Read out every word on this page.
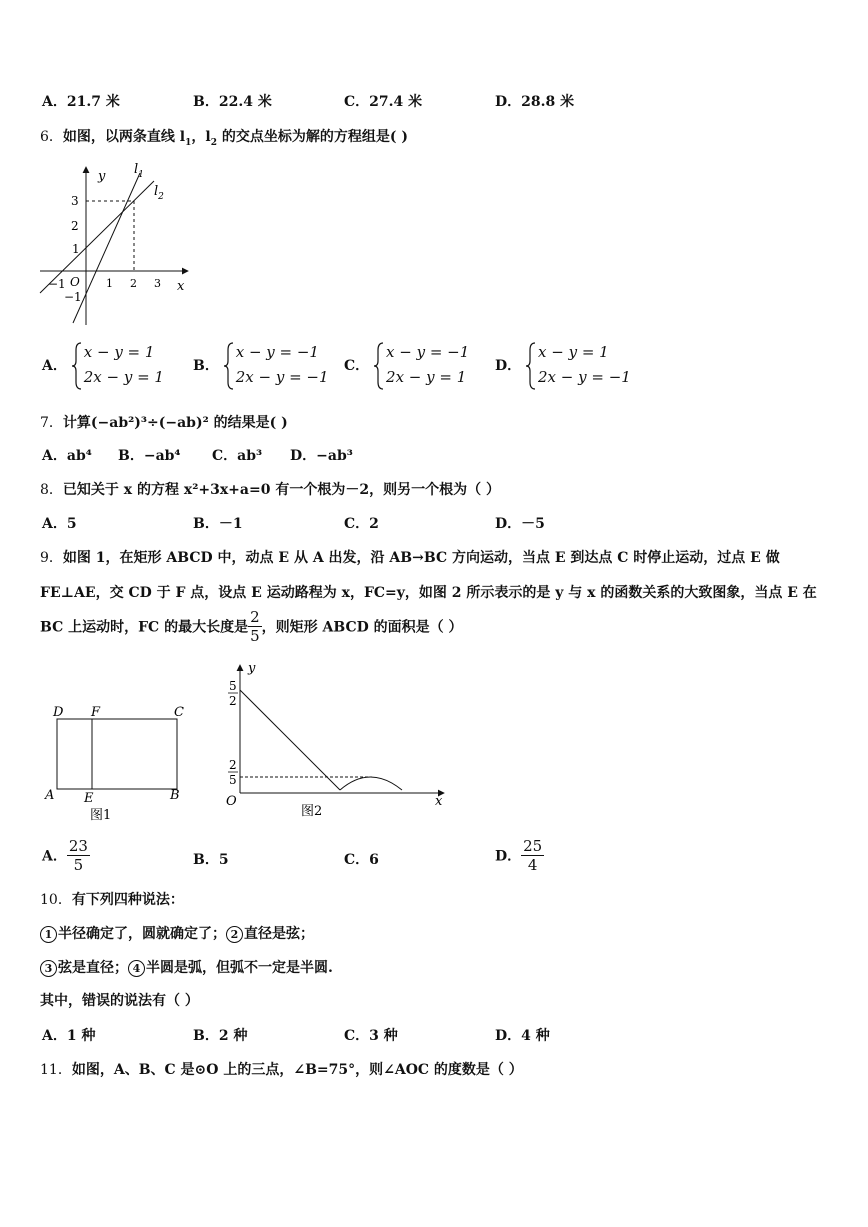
A．21.7 米	B．22.4 米	C．27.4 米	D．28.8 米
6．如图，以两条直线 $l_1$，$l_2$ 的交点坐标为解的方程组是( )
y
x
O
$l_1$
$l_2$
−1	1 2 3
3
2
1
−1
A．
x − y = 1
2x − y = 1
B．
x − y = −1
2x − y = −1
C．
x − y = −1
2x − y = 1
D．
x − y = 1
2x − y = −1
7．计算(−ab²)³÷(−ab)² 的结果是( )
A．ab⁴ B．−ab⁴ C．ab³ D．−ab³
8．已知关于 x 的方程 x²+3x+a=0 有一个根为－2，则另一个根为（ ）
A．5	B．－1	C．2	D．－5
9．如图 1，在矩形 ABCD 中，动点 E 从 A 出发，沿 AB→BC 方向运动，当点 E 到达点 C 时停止运动，过点 E 做
FE⊥AE，交 CD 于 F 点，设点 E 运动路程为 x，FC=y，如图 2 所示表示的是 y 与 x 的函数关系的大致图象，当点 E 在
BC 上运动时，FC 的最大长度是 $\frac{2}{5}$ ，则矩形 ABCD 的面积是（ ）
D F	C
A E	B
图1
y
x
O
5
2
2
5
图2
A． $\frac{23}{5}$	B．5	C．6	D． $\frac{25}{4}$
10．有下列四种说法：
1 半径确定了，圆就确定了； 2 直径是弦；
3 弦是直径； 4 半圆是弧，但弧不一定是半圆.
其中，错误的说法有（ ）
A．1 种	B．2 种	C．3 种	D．4 种
11．如图，A、B、C 是⊙O 上的三点，∠B=75°，则∠AOC 的度数是（ ）
